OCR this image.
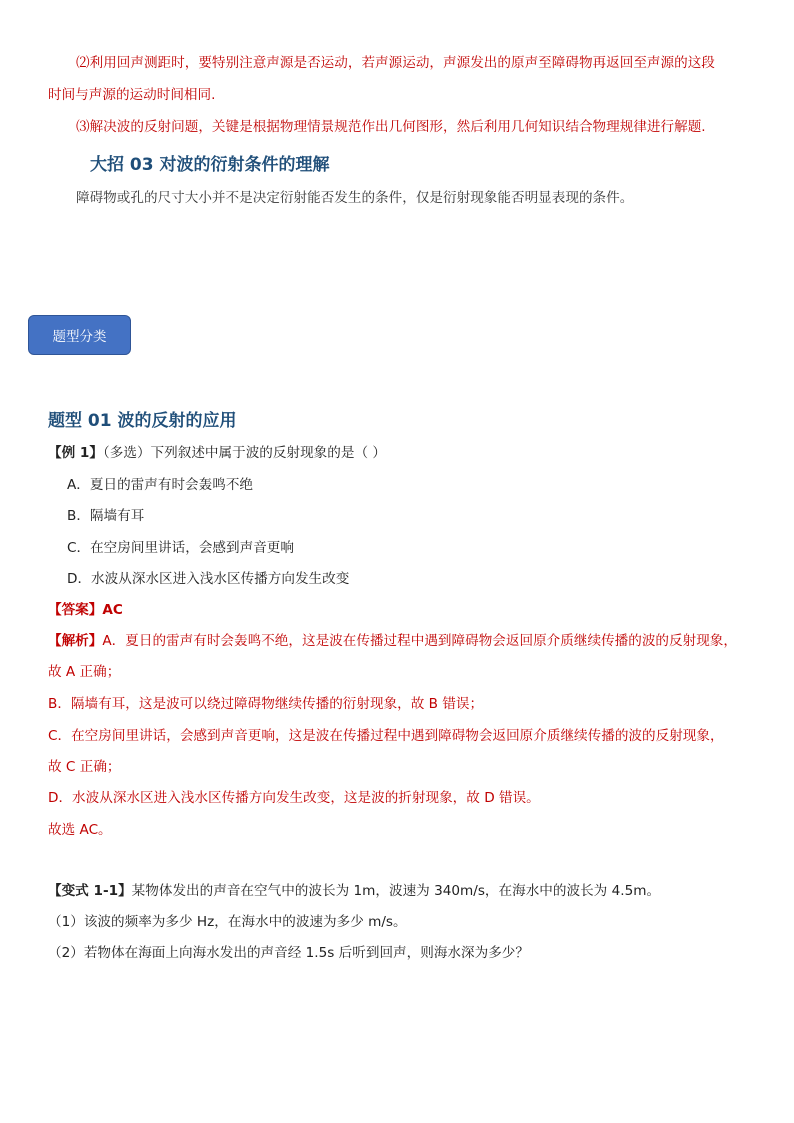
⑵利用回声测距时，要特别注意声源是否运动，若声源运动，声源发出的原声至障碍物再返回至声源的这段
时间与声源的运动时间相同.
⑶解决波的反射问题，关键是根据物理情景规范作出几何图形，然后利用几何知识结合物理规律进行解题.
大招 03 对波的衍射条件的理解
障碍物或孔的尺寸大小并不是决定衍射能否发生的条件，仅是衍射现象能否明显表现的条件。
题型分类
题型 01 波的反射的应用
【例 1】（多选）下列叙述中属于波的反射现象的是（ ）
A．夏日的雷声有时会轰鸣不绝
B．隔墙有耳
C．在空房间里讲话，会感到声音更响
D．水波从深水区进入浅水区传播方向发生改变
【答案】AC
【解析】A．夏日的雷声有时会轰鸣不绝，这是波在传播过程中遇到障碍物会返回原介质继续传播的波的反射现象，
故 A 正确；
B．隔墙有耳，这是波可以绕过障碍物继续传播的衍射现象，故 B 错误；
C．在空房间里讲话，会感到声音更响，这是波在传播过程中遇到障碍物会返回原介质继续传播的波的反射现象，
故 C 正确；
D．水波从深水区进入浅水区传播方向发生改变，这是波的折射现象，故 D 错误。
故选 AC。
【变式 1-1】某物体发出的声音在空气中的波长为 1m，波速为 340m/s，在海水中的波长为 4.5m。
（1）该波的频率为多少 Hz，在海水中的波速为多少 m/s。
（2）若物体在海面上向海水发出的声音经 1.5s 后听到回声，则海水深为多少？
